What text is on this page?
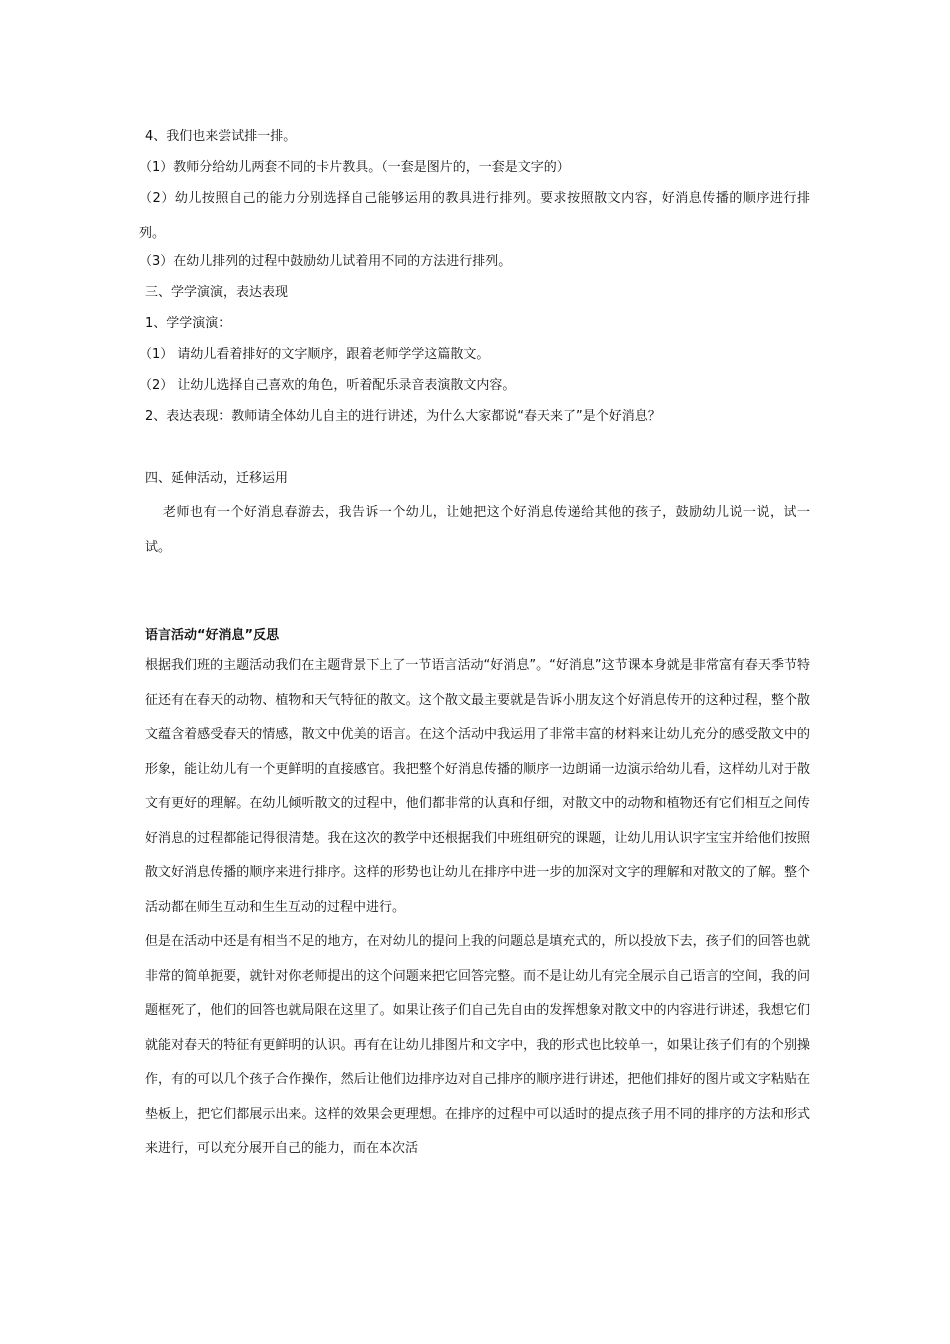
4、我们也来尝试排一排。

（1）教师分给幼儿两套不同的卡片教具。（一套是图片的，一套是文字的）

（2）幼儿按照自己的能力分别选择自己能够运用的教具进行排列。要求按照散文内容，好消息传播的顺序进行排列。

（3）在幼儿排列的过程中鼓励幼儿试着用不同的方法进行排列。

三、学学演演，表达表现

1、学学演演：

（1） 请幼儿看着排好的文字顺序，跟着老师学学这篇散文。

（2） 让幼儿选择自己喜欢的角色，听着配乐录音表演散文内容。

2、表达表现：教师请全体幼儿自主的进行讲述，为什么大家都说“春天来了”是个好消息？

四、延伸活动，迁移运用

老师也有一个好消息春游去，我告诉一个幼儿，让她把这个好消息传递给其他的孩子，鼓励幼儿说一说，试一试。

语言活动“好消息”反思

根据我们班的主题活动我们在主题背景下上了一节语言活动“好消息”。“好消息”这节课本身就是非常富有春天季节特征还有在春天的动物、植物和天气特征的散文。这个散文最主要就是告诉小朋友这个好消息传开的这种过程，整个散文蕴含着感受春天的情感，散文中优美的语言。在这个活动中我运用了非常丰富的材料来让幼儿充分的感受散文中的形象，能让幼儿有一个更鲜明的直接感官。我把整个好消息传播的顺序一边朗诵一边演示给幼儿看，这样幼儿对于散文有更好的理解。在幼儿倾听散文的过程中，他们都非常的认真和仔细，对散文中的动物和植物还有它们相互之间传好消息的过程都能记得很清楚。我在这次的教学中还根据我们中班组研究的课题，让幼儿用认识字宝宝并给他们按照散文好消息传播的顺序来进行排序。这样的形势也让幼儿在排序中进一步的加深对文字的理解和对散文的了解。整个活动都在师生互动和生生互动的过程中进行。

但是在活动中还是有相当不足的地方，在对幼儿的提问上我的问题总是填充式的，所以投放下去，孩子们的回答也就非常的简单扼要，就针对你老师提出的这个问题来把它回答完整。而不是让幼儿有完全展示自己语言的空间，我的问题框死了，他们的回答也就局限在这里了。如果让孩子们自己先自由的发挥想象对散文中的内容进行讲述，我想它们就能对春天的特征有更鲜明的认识。再有在让幼儿排图片和文字中，我的形式也比较单一，如果让孩子们有的个别操作，有的可以几个孩子合作操作，然后让他们边排序边对自己排序的顺序进行讲述，把他们排好的图片或文字粘贴在垫板上，把它们都展示出来。这样的效果会更理想。在排序的过程中可以适时的提点孩子用不同的排序的方法和形式来进行，可以充分展开自己的能力，而在本次活
